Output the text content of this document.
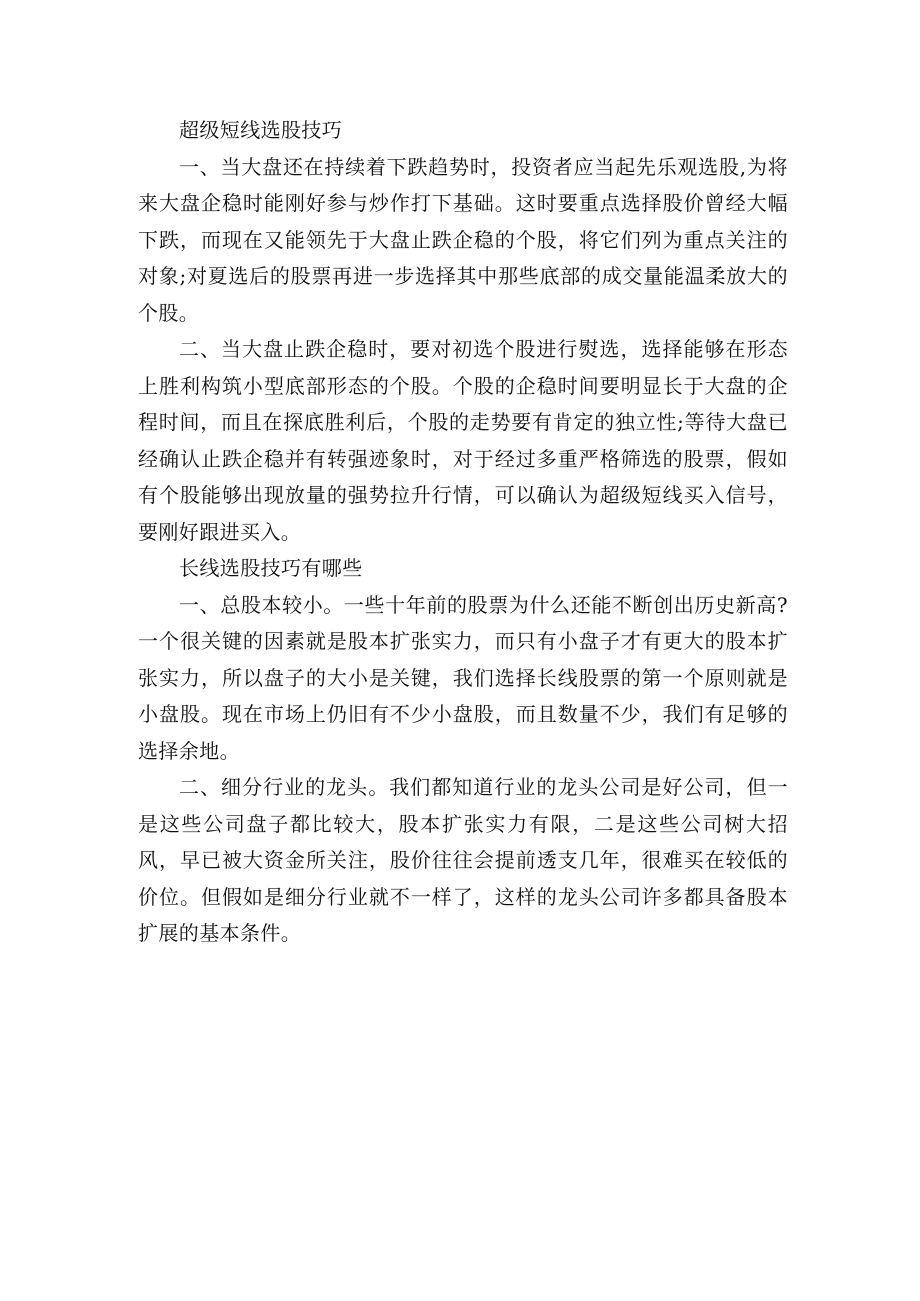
超级短线选股技巧

一、当大盘还在持续着下跌趋势时，投资者应当起先乐观选股,为将来大盘企稳时能刚好参与炒作打下基础。这时要重点选择股价曾经大幅下跌，而现在又能领先于大盘止跌企稳的个股，将它们列为重点关注的对象;对夏选后的股票再进一步选择其中那些底部的成交量能温柔放大的个股。

二、当大盘止跌企稳时，要对初选个股进行熨选，选择能够在形态上胜利构筑小型底部形态的个股。个股的企稳时间要明显长于大盘的企程时间，而且在探底胜利后，个股的走势要有肯定的独立性;等待大盘已经确认止跌企稳并有转强迹象时，对于经过多重严格筛选的股票，假如有个股能够出现放量的强势拉升行情，可以确认为超级短线买入信号，要刚好跟进买入。

长线选股技巧有哪些

一、总股本较小。一些十年前的股票为什么还能不断创出历史新高?一个很关键的因素就是股本扩张实力，而只有小盘子才有更大的股本扩张实力，所以盘子的大小是关键，我们选择长线股票的第一个原则就是小盘股。现在市场上仍旧有不少小盘股，而且数量不少，我们有足够的选择余地。

二、细分行业的龙头。我们都知道行业的龙头公司是好公司，但一是这些公司盘子都比较大，股本扩张实力有限，二是这些公司树大招风，早已被大资金所关注，股价往往会提前透支几年，很难买在较低的价位。但假如是细分行业就不一样了，这样的龙头公司许多都具备股本扩展的基本条件。
